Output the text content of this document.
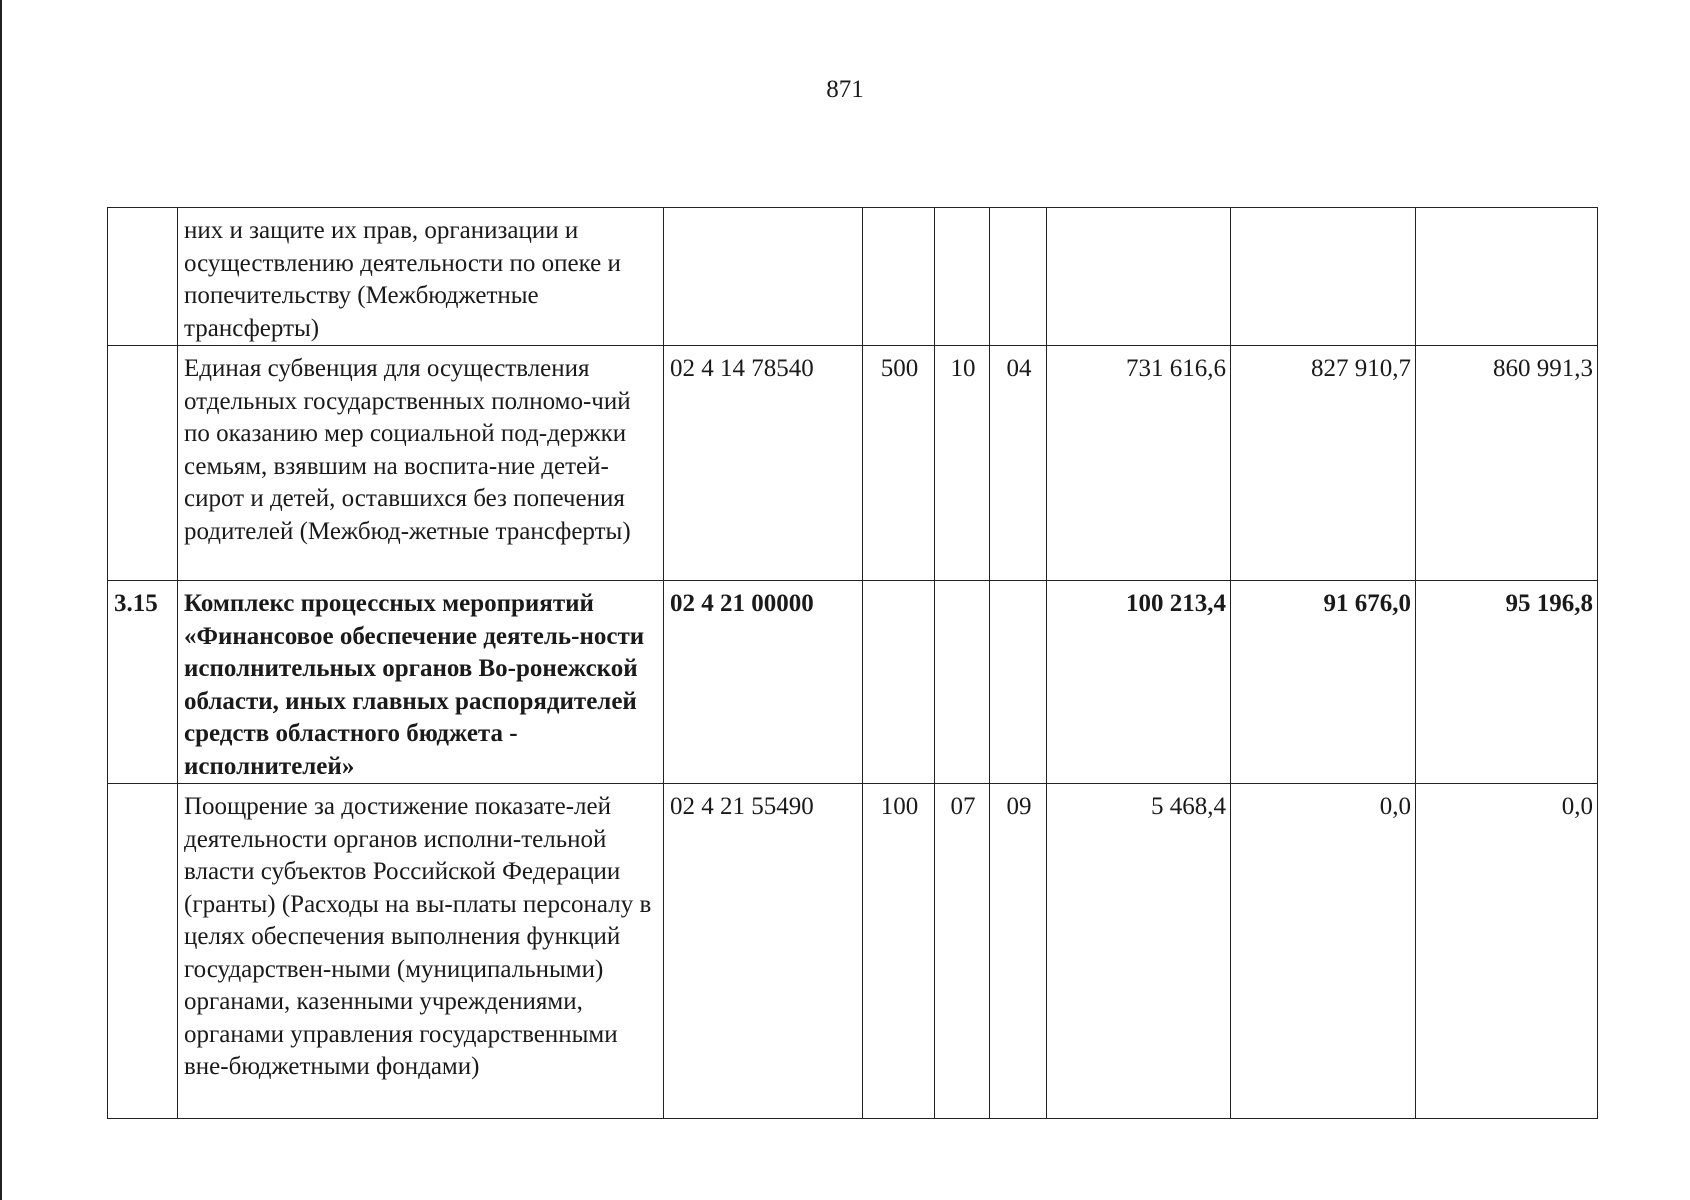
871
	них и защите их прав, организации и осуществлению деятельности по опеке и попечительству (Межбюджетные трансферты)							
	Единая субвенция для осуществления отдельных государственных полномо-чий по оказанию мер социальной под-держки семьям, взявшим на воспита-ние детей-сирот и детей, оставшихся без попечения родителей (Межбюд-жетные трансферты)	02 4 14 78540	500	10	04	731 616,6	827 910,7	860 991,3
3.15	Комплекс процессных мероприятий «Финансовое обеспечение деятель-ности исполнительных органов Во-ронежской области, иных главных распорядителей средств областного бюджета - исполнителей»	02 4 21 00000				100 213,4	91 676,0	95 196,8
	Поощрение за достижение показате-лей деятельности органов исполни-тельной власти субъектов Российской Федерации (гранты) (Расходы на вы-платы персоналу в целях обеспечения выполнения функций государствен-ными (муниципальными) органами, казенными учреждениями, органами управления государственными вне-бюджетными фондами)	02 4 21 55490	100	07	09	5 468,4	0,0	0,0
